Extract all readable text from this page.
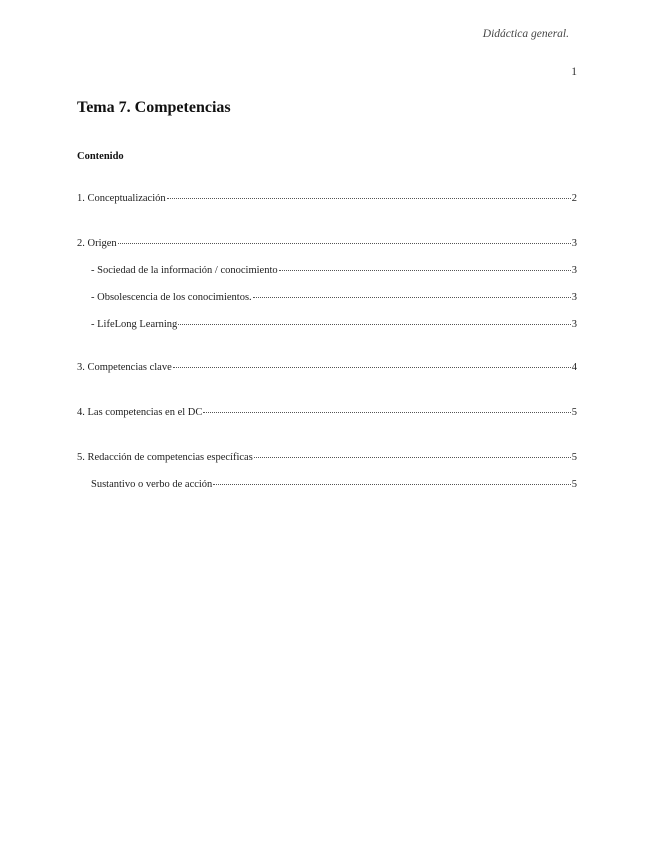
Didáctica general.
1
Tema 7. Competencias
Contenido
1. Conceptualización	2
2. Origen	3
- Sociedad de la información / conocimiento	3
- Obsolescencia de los conocimientos.	3
- LifeLong Learning	3
3. Competencias clave	4
4. Las competencias en el DC	5
5. Redacción de competencias específicas	5
Sustantivo o verbo de acción	5
